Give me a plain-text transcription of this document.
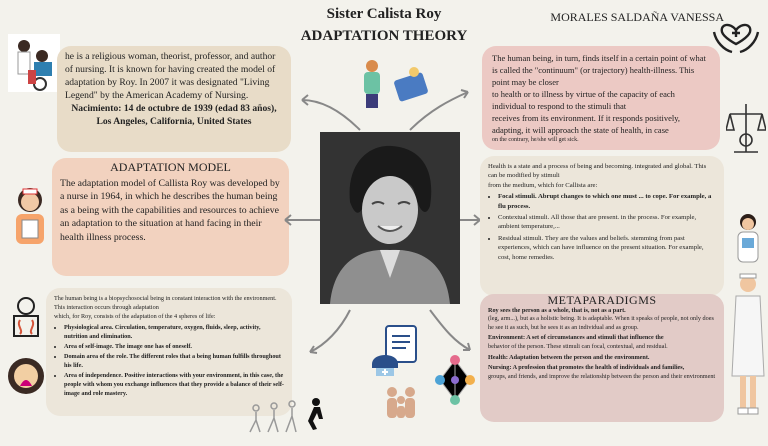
Sister Calista Roy
ADAPTATION THEORY
MORALES SALDAÑA VANESSA

he is a religious woman, theorist, professor, and author of nursing. It is known for having created the model of adaptation by Roy. In 2007 it was designated "Living Legend" by the American Academy of Nursing.

Nacimiento: 14 de octubre de 1939 (edad 83 años),
Los Angeles, California, United States
ADAPTATION MODEL
The adaptation model of Callista Roy was developed by a nurse in 1964, in which he describes the human being as a being with the capabilities and resources to achieve an adaptation to the situation at hand facing in their health illness process.
The human being is a biopsychosocial being in constant interaction with the environment. This interaction occurs through adaptation
which, for Roy, consists of the adaptation of the 4 spheres of life:
• Physiological area. Circulation, temperature, oxygen, fluids, sleep, activity, nutrition and elimination.
• Area of self-image. The image one has of oneself.
• Domain area of the role. The different roles that a being human fulfills throughout his life.
• Area of independence. Positive interactions with your environment, in this case, the people with whom you exchange influences that they provide a balance of their self-image and role mastery.
The human being, in turn, finds itself in a certain point of what is called the "continuum" (or trajectory) health-illness. This point may be closer
to health or to illness by virtue of the capacity of each individual to respond to the stimuli that
receives from its environment. If it responds positively, adapting, it will approach the state of health, in case
on the contrary, he/she will get sick.
Health is a state and a process of being and becoming. integrated and global. This can be modified by stimuli
from the medium, which for Callista are:
• Focal stimuli. Abrupt changes to which one must ... to cope. For example, a flu process.
• Contextual stimuli. All those that are present. in the process. For example, ambient temperature,...
• Residual stimuli. They are the values and beliefs. stemming from past experiences, which can have influence on the present situation. For example, cost, home remedies.
METAPARADIGMS

Roy sees the person as a whole, that is, not as a part.
(leg, arm...), but as a holistic being. It is adaptable. When it speaks of people, not only does he see it as such, but he sees it as an individual and as group.

Environment: A set of circumstances and stimuli that influence the
behavior of the person. These stimuli can focal, contextual, and residual.

Health: Adaptation between the person and the environment.

Nursing: A profession that promotes the health of individuals and families,
groups, and friends, and improve the relationship between the person and their environment
